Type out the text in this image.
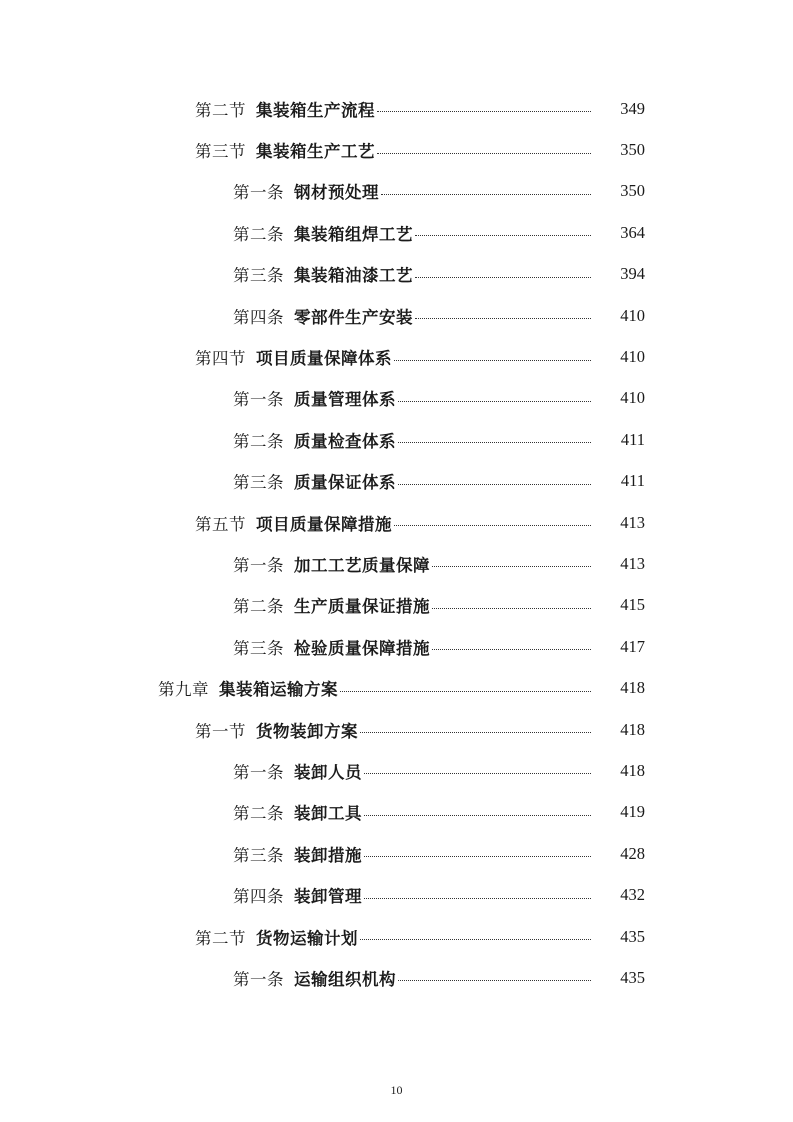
第二节 集装箱生产流程	349
第三节 集装箱生产工艺	350
第一条 钢材预处理	350
第二条 集装箱组焊工艺	364
第三条 集装箱油漆工艺	394
第四条 零部件生产安装	410
第四节 项目质量保障体系	410
第一条 质量管理体系	410
第二条 质量检查体系	411
第三条 质量保证体系	411
第五节 项目质量保障措施	413
第一条 加工工艺质量保障	413
第二条 生产质量保证措施	415
第三条 检验质量保障措施	417
第九章 集装箱运输方案	418
第一节 货物装卸方案	418
第一条 装卸人员	418
第二条 装卸工具	419
第三条 装卸措施	428
第四条 装卸管理	432
第二节 货物运输计划	435
第一条 运输组织机构	435
10
